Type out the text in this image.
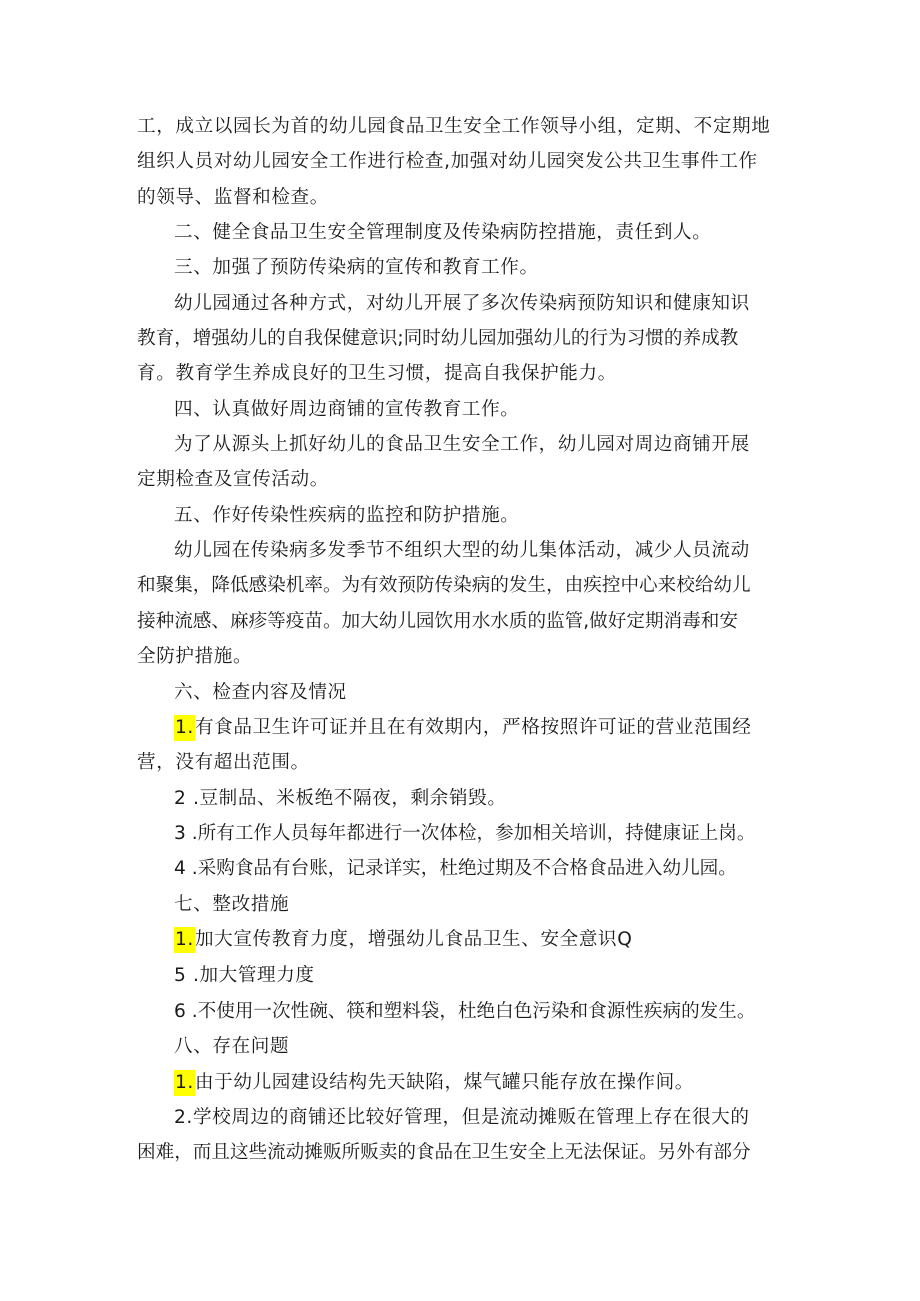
工，成立以园长为首的幼儿园食品卫生安全工作领导小组，定期、不定期地
组织人员对幼儿园安全工作进行检查,加强对幼儿园突发公共卫生事件工作
的领导、监督和检查。
二、健全食品卫生安全管理制度及传染病防控措施，责任到人。
三、加强了预防传染病的宣传和教育工作。
幼儿园通过各种方式，对幼儿开展了多次传染病预防知识和健康知识
教育，增强幼儿的自我保健意识;同时幼儿园加强幼儿的行为习惯的养成教
育。教育学生养成良好的卫生习惯，提高自我保护能力。
四、认真做好周边商铺的宣传教育工作。
为了从源头上抓好幼儿的食品卫生安全工作，幼儿园对周边商铺开展
定期检查及宣传活动。
五、作好传染性疾病的监控和防护措施。
幼儿园在传染病多发季节不组织大型的幼儿集体活动，减少人员流动
和聚集，降低感染机率。为有效预防传染病的发生，由疾控中心来校给幼儿
接种流感、麻疹等疫苗。加大幼儿园饮用水水质的监管,做好定期消毒和安
全防护措施。
六、检查内容及情况
1.有食品卫生许可证并且在有效期内，严格按照许可证的营业范围经
营，没有超出范围。
2 .豆制品、米板绝不隔夜，剩余销毁。
3 .所有工作人员每年都进行一次体检，参加相关培训，持健康证上岗。
4 .采购食品有台账，记录详实，杜绝过期及不合格食品进入幼儿园。
七、整改措施
1.加大宣传教育力度，增强幼儿食品卫生、安全意识Q
5 .加大管理力度
6 .不使用一次性碗、筷和塑料袋，杜绝白色污染和食源性疾病的发生。
八、存在问题
1.由于幼儿园建设结构先天缺陷，煤气罐只能存放在操作间。
2.学校周边的商铺还比较好管理，但是流动摊贩在管理上存在很大的
困难，而且这些流动摊贩所贩卖的食品在卫生安全上无法保证。另外有部分
